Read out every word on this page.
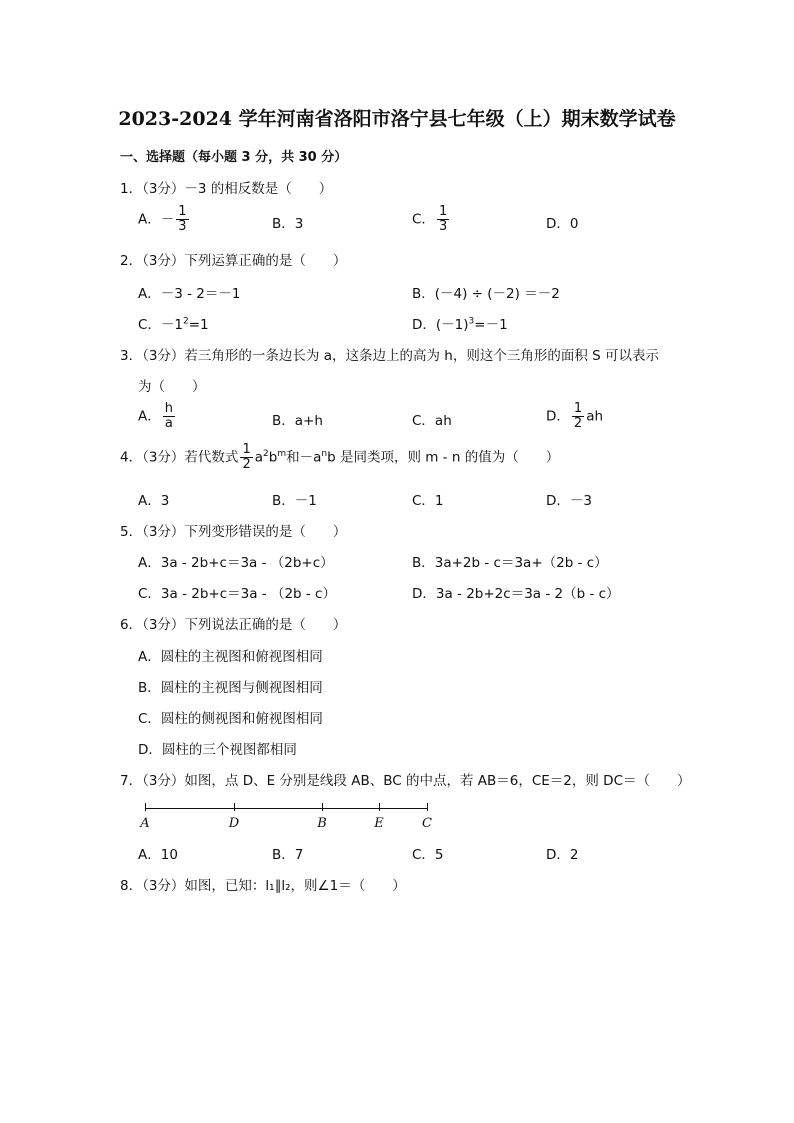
2023-2024 学年河南省洛阳市洛宁县七年级（上）期末数学试卷
一、选择题（每小题 3 分，共 30 分）
1．（3分）－3 的相反数是（　　）
A．－ $\frac{1}{3}$	B．3	C． $\frac{1}{3}$	D．0
2．（3分）下列运算正确的是（　　）
A．－3 - 2＝－1	B．(－4) ÷ (－2) ＝－2
C．$-1^2=1$	D．$(-1)^3=-1$
3．（3分）若三角形的一条边长为 a，这条边上的高为 h，则这个三角形的面积 S 可以表示
为（　　）
A． $\frac{h}{a}$	B．a+h	C．ah	D． $\frac{1}{2}$ ah
4．（3分）若代数式 $\frac{1}{2} a^2b^m$和$-a^nb$ 是同类项，则 m - n 的值为（　　）
A．3	B．－1	C．1	D．－3
5．（3分）下列变形错误的是（　　）
A．3a - 2b+c＝3a - （2b+c）	B．3a+2b - c＝3a+（2b - c）
C．3a - 2b+c＝3a - （2b - c）	D．3a - 2b+2c＝3a - 2（b - c）
6．（3分）下列说法正确的是（　　）
A．圆柱的主视图和俯视图相同
B．圆柱的主视图与侧视图相同
C．圆柱的侧视图和俯视图相同
D．圆柱的三个视图都相同
7．（3分）如图，点 D、E 分别是线段 AB、BC 的中点，若 AB＝6，CE＝2，则 DC＝（　　）
A	D	B	E	C
A．10	B．7	C．5	D．2
8．（3分）如图，已知：l₁∥l₂，则∠1＝（　　）
